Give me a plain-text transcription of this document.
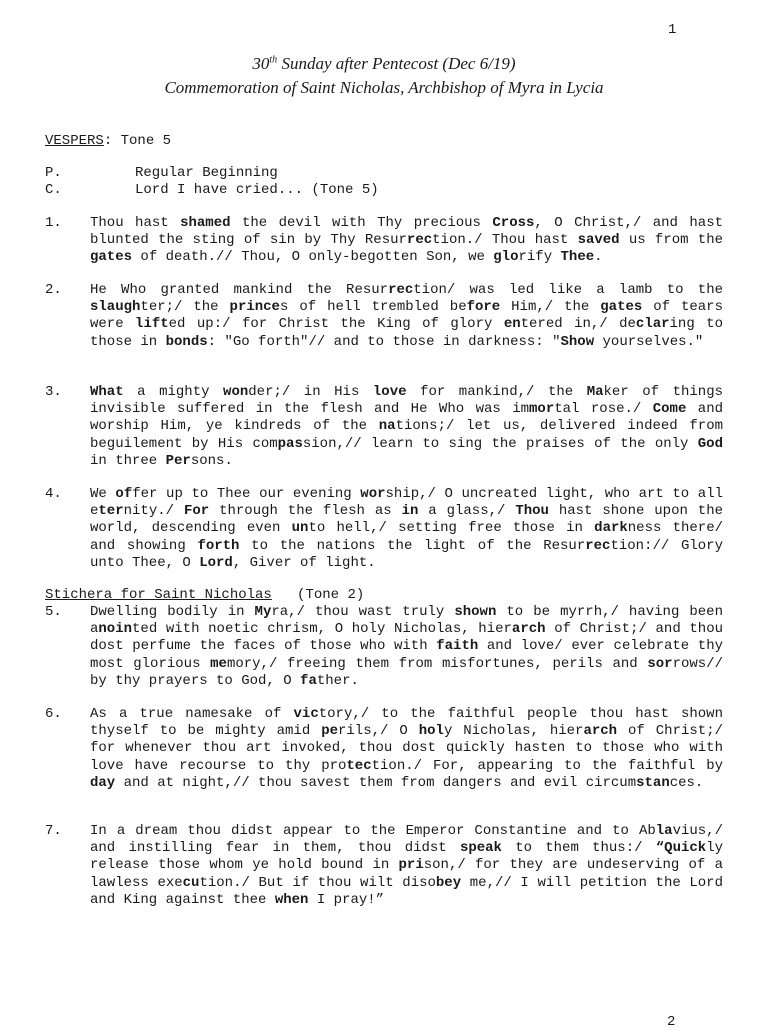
1
30th Sunday after Pentecost (Dec 6/19)
Commemoration of Saint Nicholas, Archbishop of Myra in Lycia
VESPERS: Tone 5
P.	Regular Beginning
C.	Lord I have cried... (Tone 5)
1. Thou hast shamed the devil with Thy precious Cross, O Christ,/ and hast blunted the sting of sin by Thy Resurrection./ Thou hast saved us from the gates of death.// Thou, O only-begotten Son, we glorify Thee.
2. He Who granted mankind the Resurrection/ was led like a lamb to the slaughter;/ the princes of hell trembled before Him,/ the gates of tears were lifted up:/ for Christ the King of glory entered in,/ declaring to those in bonds: "Go forth"// and to those in darkness: "Show yourselves."
3. What a mighty wonder;/ in His love for mankind,/ the Maker of things invisible suffered in the flesh and He Who was immortal rose./ Come and worship Him, ye kindreds of the nations;/ let us, delivered indeed from beguilement by His compassion,// learn to sing the praises of the only God in three Persons.
4. We offer up to Thee our evening worship,/ O uncreated light, who art to all eternity./ For through the flesh as in a glass,/ Thou hast shone upon the world, descending even unto hell,/ setting free those in darkness there/ and showing forth to the nations the light of the Resurrection:// Glory unto Thee, O Lord, Giver of light.
Stichera for Saint Nicholas   (Tone 2)
5. Dwelling bodily in Myra,/ thou wast truly shown to be myrrh,/ having been anointed with noetic chrism, O holy Nicholas, hierarch of Christ;/ and thou dost perfume the faces of those who with faith and love/ ever celebrate thy most glorious memory,/ freeing them from misfortunes, perils and sorrows// by thy prayers to God, O father.
6. As a true namesake of victory,/ to the faithful people thou hast shown thyself to be mighty amid perils,/ O holy Nicholas, hierarch of Christ;/ for whenever thou art invoked, thou dost quickly hasten to those who with love have recourse to thy protection./ For, appearing to the faithful by day and at night,// thou savest them from dangers and evil circumstances.
7. In a dream thou didst appear to the Emperor Constantine and to Ablavius,/ and instilling fear in them, thou didst speak to them thus:/ “Quickly release those whom ye hold bound in prison,/ for they are undeserving of a lawless execution./ But if thou wilt disobey me,// I will petition the Lord and King against thee when I pray!”
2
